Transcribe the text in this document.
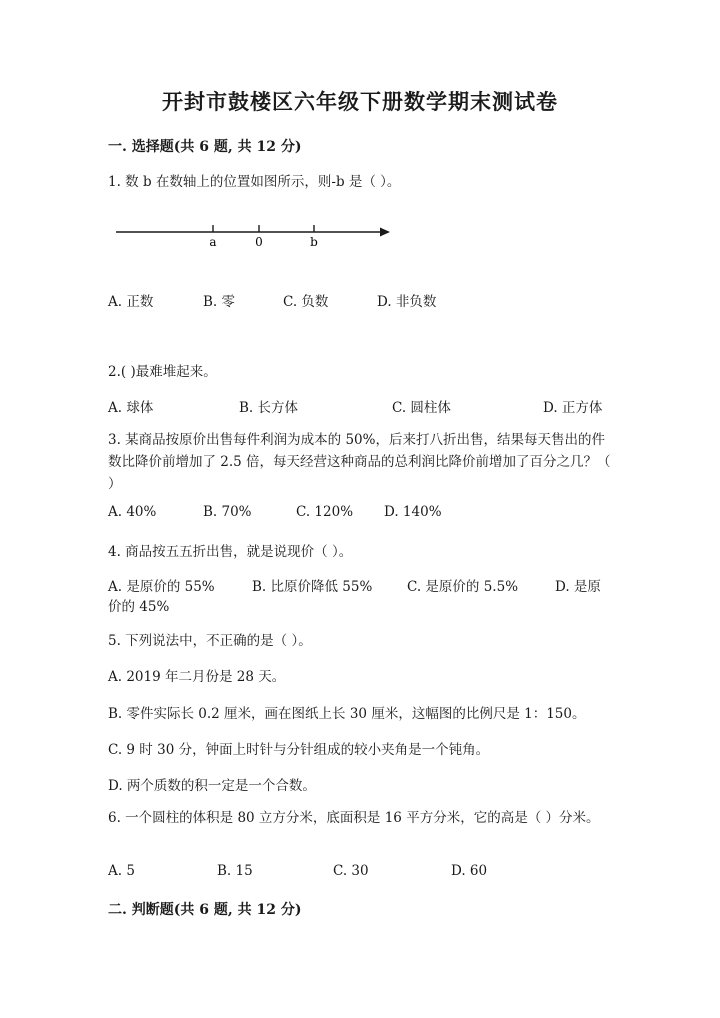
开封市鼓楼区六年级下册数学期末测试卷
一. 选择题(共 6 题, 共 12 分)
1. 数 b 在数轴上的位置如图所示，则-b 是（ ）。
a	0	b
A. 正数	B. 零	C. 负数	D. 非负数
2.( )最难堆起来。
A. 球体	B. 长方体	C. 圆柱体	D. 正方体
3. 某商品按原价出售每件利润为成本的 50%，后来打八折出售，结果每天售出的件数比降价前增加了 2.5 倍，每天经营这种商品的总利润比降价前增加了百分之几？（ ）
A. 40%	B. 70%	C. 120% D. 140%
4. 商品按五五折出售，就是说现价（ ）。
A. 是原价的 55%	B. 比原价降低 55%	C. 是原价的 5.5%	D. 是原
价的 45%
5. 下列说法中，不正确的是（ ）。
A. 2019 年二月份是 28 天。
B. 零件实际长 0.2 厘米，画在图纸上长 30 厘米，这幅图的比例尺是 1：150。
C. 9 时 30 分，钟面上时针与分针组成的较小夹角是一个钝角。
D. 两个质数的积一定是一个合数。
6. 一个圆柱的体积是 80 立方分米，底面积是 16 平方分米，它的高是（ ）分米。
A. 5	B. 15	C. 30	D. 60
二. 判断题(共 6 题, 共 12 分)
